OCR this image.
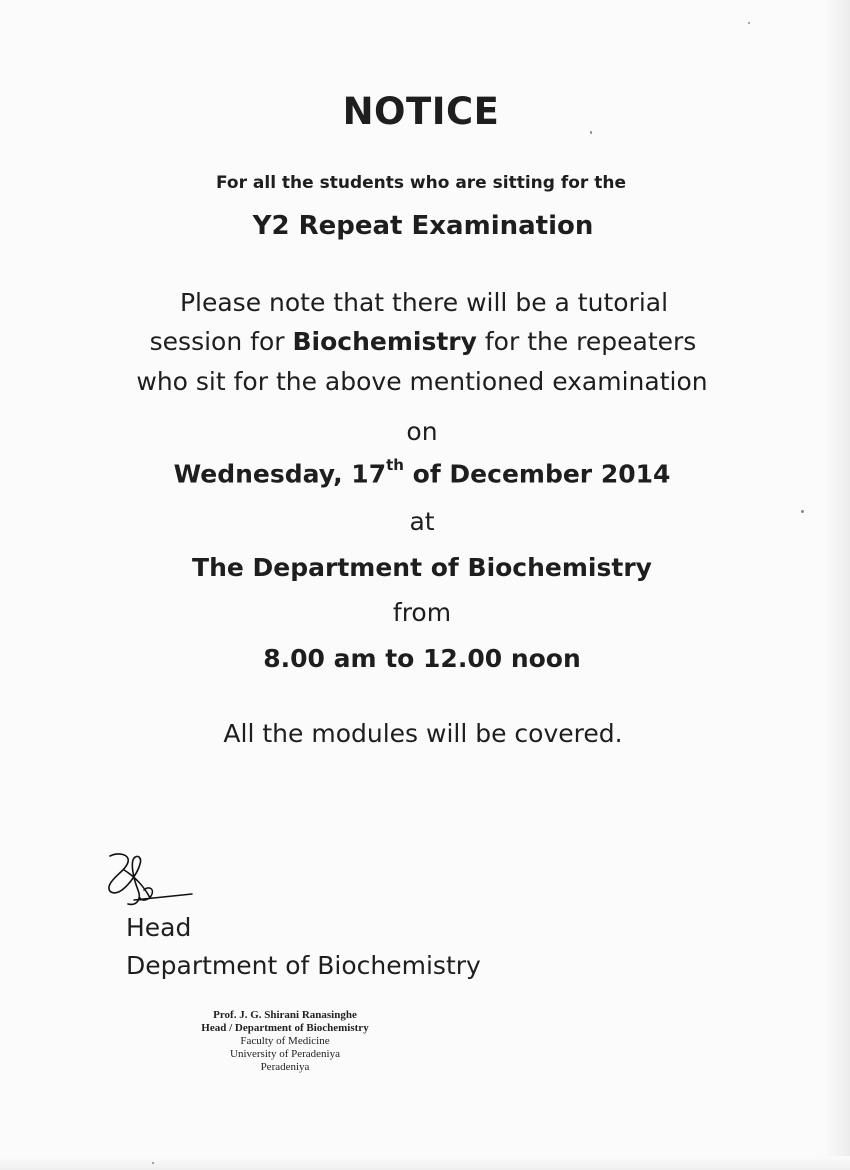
NOTICE
For all the students who are sitting for the
Y2 Repeat Examination
Please note that there will be a tutorial
session for Biochemistry for the repeaters
who sit for the above mentioned examination
on
Wednesday, 17th of December 2014
at
The Department of Biochemistry
from
8.00 am to 12.00 noon
All the modules will be covered.
Head
Department of Biochemistry
Prof. J. G. Shirani Ranasinghe
Head / Department of Biochemistry
Faculty of Medicine
University of Peradeniya
Peradeniya
